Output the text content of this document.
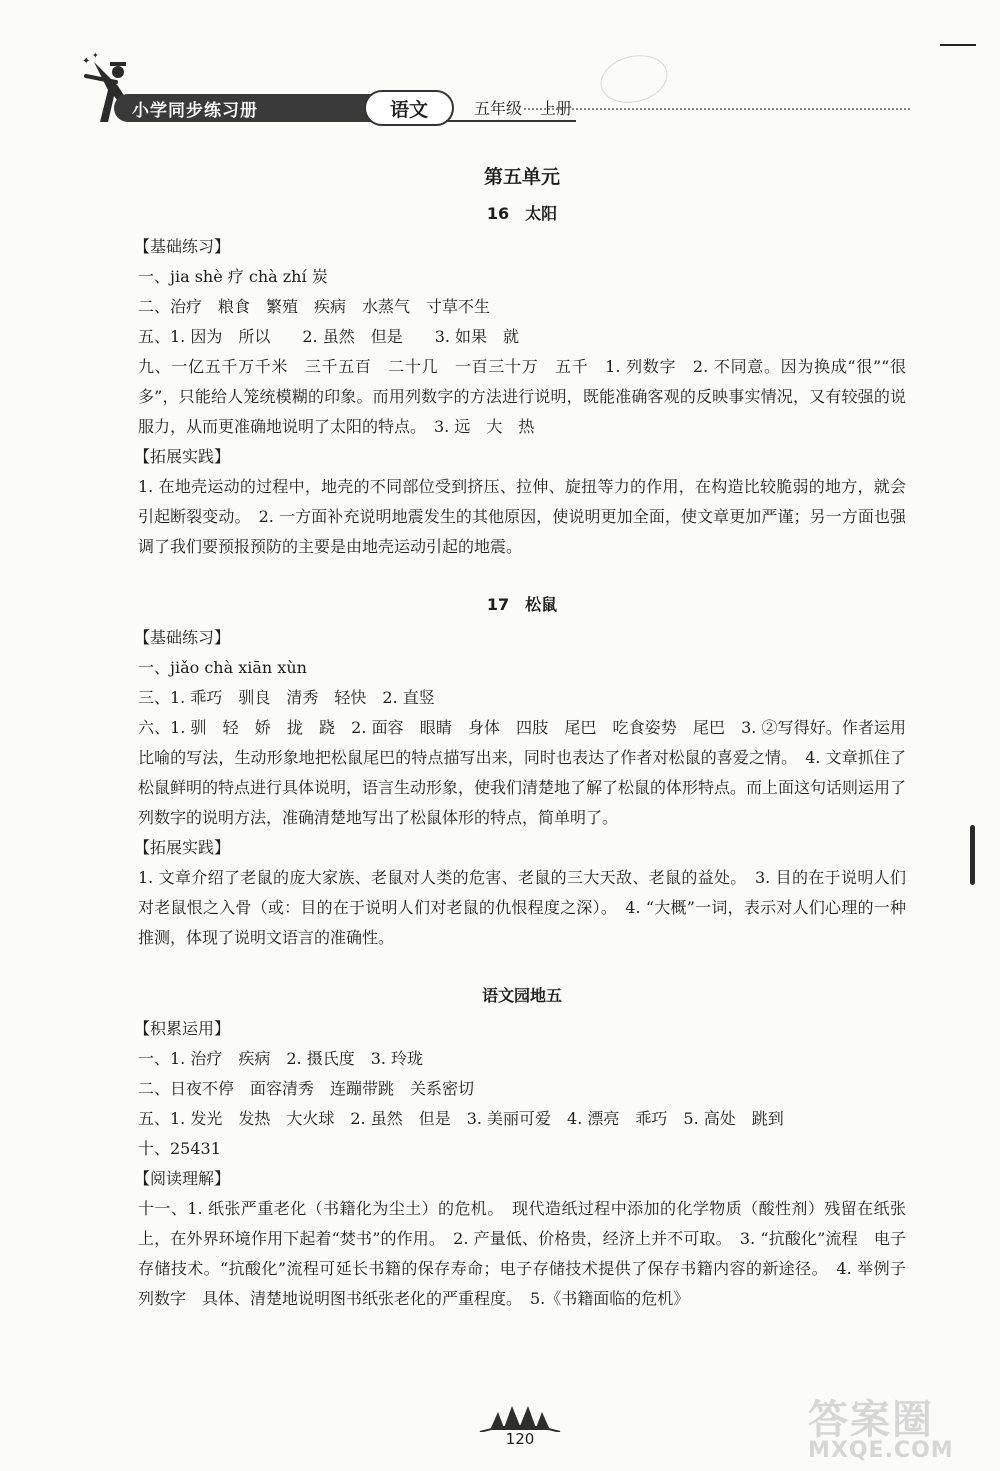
✦
✦
小学同步练习册	语文	五年级 上册
第五单元
16　太阳
【基础练习】
一、jia shè 疗 chà zhí 炭
二、治疗　粮食　繁殖　疾病　水蒸气　寸草不生
五、1. 因为　所以　　2. 虽然　但是　　3. 如果　就
九、一亿五千万千米　三千五百　二十几　一百三十万　五千　1. 列数字　2. 不同意。因为换成“很”“很多”，只能给人笼统模糊的印象。而用列数字的方法进行说明，既能准确客观的反映事实情况，又有较强的说服力，从而更准确地说明了太阳的特点。　3. 远　大　热
【拓展实践】
1. 在地壳运动的过程中，地壳的不同部位受到挤压、拉伸、旋扭等力的作用，在构造比较脆弱的地方，就会引起断裂变动。　2. 一方面补充说明地震发生的其他原因，使说明更加全面，使文章更加严谨；另一方面也强调了我们要预报预防的主要是由地壳运动引起的地震。
17　松鼠
【基础练习】
一、jiǎo chà xiān xùn
三、1. 乖巧　驯良　清秀　轻快　2. 直竖
六、1. 驯　轻　娇　拢　跷　2. 面容　眼睛　身体　四肢　尾巴　吃食姿势　尾巴　3. ②写得好。作者运用比喻的写法，生动形象地把松鼠尾巴的特点描写出来，同时也表达了作者对松鼠的喜爱之情。　4. 文章抓住了松鼠鲜明的特点进行具体说明，语言生动形象，使我们清楚地了解了松鼠的体形特点。而上面这句话则运用了列数字的说明方法，准确清楚地写出了松鼠体形的特点，简单明了。
【拓展实践】
1. 文章介绍了老鼠的庞大家族、老鼠对人类的危害、老鼠的三大天敌、老鼠的益处。　3. 目的在于说明人们对老鼠恨之入骨（或：目的在于说明人们对老鼠的仇恨程度之深）。　4. “大概”一词，表示对人们心理的一种推测，体现了说明文语言的准确性。
语文园地五
【积累运用】
一、1. 治疗　疾病　2. 摄氏度　3. 玲珑
二、日夜不停　面容清秀　连蹦带跳　关系密切
五、1. 发光　发热　大火球　2. 虽然　但是　3. 美丽可爱　4. 漂亮　乖巧　5. 高处　跳到
十、25431
【阅读理解】
十一、1. 纸张严重老化（书籍化为尘土）的危机。　现代造纸过程中添加的化学物质（酸性剂）残留在纸张上，在外界环境作用下起着“焚书”的作用。　2. 产量低、价格贵，经济上并不可取。　3. “抗酸化”流程　电子存储技术。“抗酸化”流程可延长书籍的保存寿命；电子存储技术提供了保存书籍内容的新途径。　4. 举例子　列数字　具体、清楚地说明图书纸张老化的严重程度。　5.《书籍面临的危机》
120	答案圈
MXQE.COM
